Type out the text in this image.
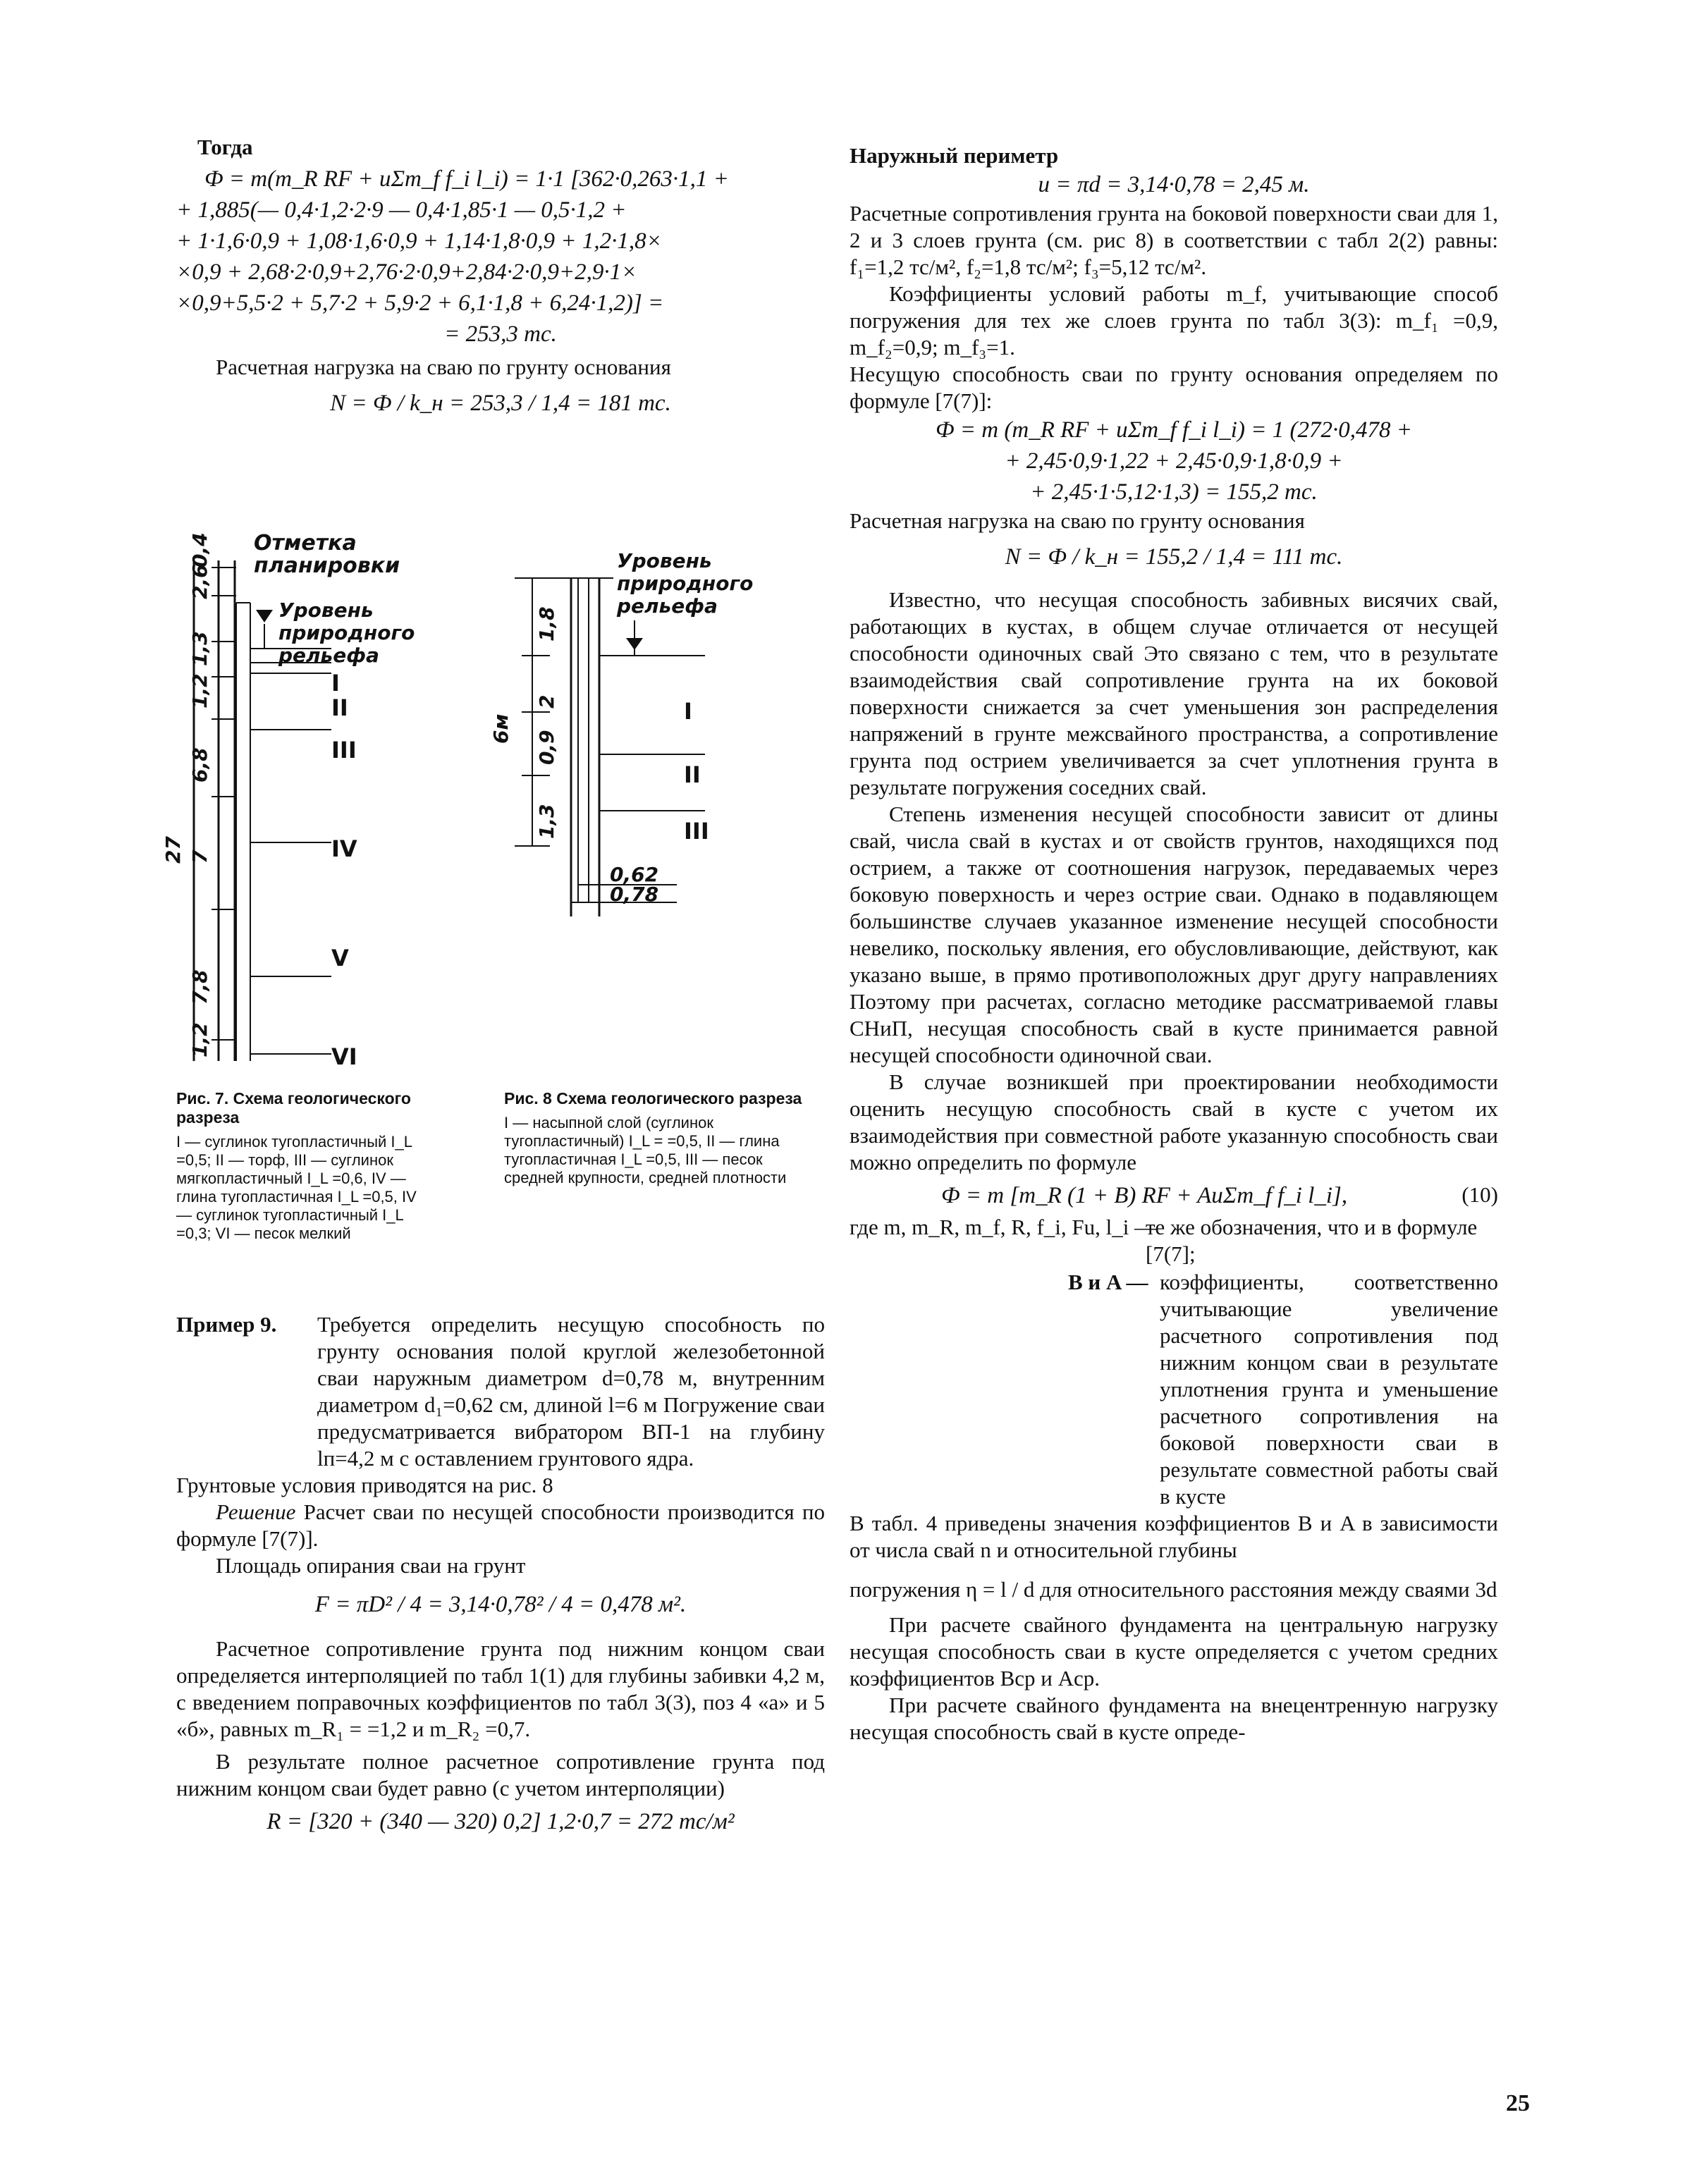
Тогда

Ф = m(m_R RF + uΣm_f f_i l_i) = 1·1 [362·0,263·1,1 +

+ 1,885(— 0,4·1,2·2·9 — 0,4·1,85·1 — 0,5·1,2 +

+ 1·1,6·0,9 + 1,08·1,6·0,9 + 1,14·1,8·0,9 + 1,2·1,8×

×0,9 + 2,68·2·0,9+2,76·2·0,9+2,84·2·0,9+2,9·1×

×0,9+5,5·2 + 5,7·2 + 5,9·2 + 6,1·1,8 + 6,24·1,2)] =

= 253,3 тс.

Расчетная нагрузка на сваю по грунту основания

N = Ф / k_н = 253,3 / 1,4 = 181 тс.

2,6
0,4
1,3
1,2
6,8
7
7,8
1,2
27
I
II
III
IV
V
VI
Отметка планировки
Уровень природного рельефа
1,8
6м
2
0,9
1,3
0,62
0,78
I
II
III
Уровень природного рельефа
Рис. 7. Схема геологического разреза
I — суглинок тугопластичный I_L =0,5; II — торф, III — суглинок мягкопластичный I_L =0,6, IV — глина тугопластичная I_L =0,5, IV— суглинок тугопластичный I_L =0,3; VI — песок мелкий
Рис. 8 Схема геологического разреза
I — насыпной слой (суглинок тугопластичный) I_L = =0,5, II — глина тугопластичная I_L =0,5, III — песок средней крупности, средней плотности
Пример 9. Требуется определить несущую способность по грунту основания полой круглой железобетонной сваи наружным диаметром d=0,78 м, внутренним диаметром d₁=0,62 см, длиной l=6 м Погружение сваи предусматривается вибратором ВП-1 на глубину lп=4,2 м с оставлением грунтового ядра.

Грунтовые условия приводятся на рис. 8

Решение Расчет сваи по несущей способности производится по формуле [7(7)].

Площадь опирания сваи на грунт

F = πD² / 4 = 3,14·0,78² / 4 = 0,478 м².

Расчетное сопротивление грунта под нижним концом сваи определяется интерполяцией по табл 1(1) для глубины забивки 4,2 м, с введением поправочных коэффициентов по табл 3(3), поз 4 «а» и 5 «б», равных m_R₁ = =1,2 и m_R₂ =0,7.

В результате полное расчетное сопротивление грунта под нижним концом сваи будет равно (с учетом интерполяции)

R = [320 + (340 — 320) 0,2] 1,2·0,7 = 272 тс/м²

Наружный периметр

u = πd = 3,14·0,78 = 2,45 м.

Расчетные сопротивления грунта на боковой поверхности сваи для 1, 2 и 3 слоев грунта (см. рис 8) в соответствии с табл 2(2) равны: f₁=1,2 тс/м², f₂=1,8 тс/м²; f₃=5,12 тс/м².

Коэффициенты условий работы m_f, учитывающие способ погружения для тех же слоев грунта по табл 3(3): m_f₁ =0,9, m_f₂=0,9; m_f₃=1.

Несущую способность сваи по грунту основания определяем по формуле [7(7)]:

Ф = m (m_R RF + uΣm_f f_i l_i) = 1 (272·0,478 +

+ 2,45·0,9·1,22 + 2,45·0,9·1,8·0,9 +

+ 2,45·1·5,12·1,3) = 155,2 тс.

Расчетная нагрузка на сваю по грунту основания

N = Ф / k_н = 155,2 / 1,4 = 111 тс.

Известно, что несущая способность забивных висячих свай, работающих в кустах, в общем случае отличается от несущей способности одиночных свай Это связано с тем, что в результате взаимодействия свай сопротивление грунта на их боковой поверхности снижается за счет уменьшения зон распределения напряжений в грунте межсвайного пространства, а сопротивление грунта под острием увеличивается за счет уплотнения грунта в результате погружения соседних свай.

Степень изменения несущей способности зависит от длины свай, числа свай в кустах и от свойств грунтов, находящихся под острием, а также от соотношения нагрузок, передаваемых через боковую поверхность и через острие сваи. Однако в подавляющем большинстве случаев указанное изменение несущей способности невелико, поскольку явления, его обусловливающие, действуют, как указано выше, в прямо противоположных друг другу направлениях Поэтому при расчетах, согласно методике рассматриваемой главы СНиП, несущая способность свай в кусте принимается равной несущей способности одиночной сваи.

В случае возникшей при проектировании необходимости оценить несущую способность свай в кусте с учетом их взаимодействия при совместной работе указанную способность сваи можно определить по формуле

Ф = m [m_R (1 + B) RF + AuΣm_f f_i l_i],	(10)
где m, m_R, m_f, R, f_i, Fu, l_i —
те же обозначения, что и в формуле [7(7];
B и A — коэффициенты, соответственно учитывающие увеличение расчетного сопротивления под нижним концом сваи в результате уплотнения грунта и уменьшение расчетного сопротивления на боковой поверхности сваи в результате совместной работы свай в кусте

В табл. 4 приведены значения коэффициентов B и A в зависимости от числа свай n и относительной глубины

погружения η = l / d для относительного расстояния между сваями 3d

При расчете свайного фундамента на центральную нагрузку несущая способность сваи в кусте определяется с учетом средних коэффициентов Bср и Aср.

При расчете свайного фундамента на внецентренную нагрузку несущая способность свай в кусте опреде-

25
